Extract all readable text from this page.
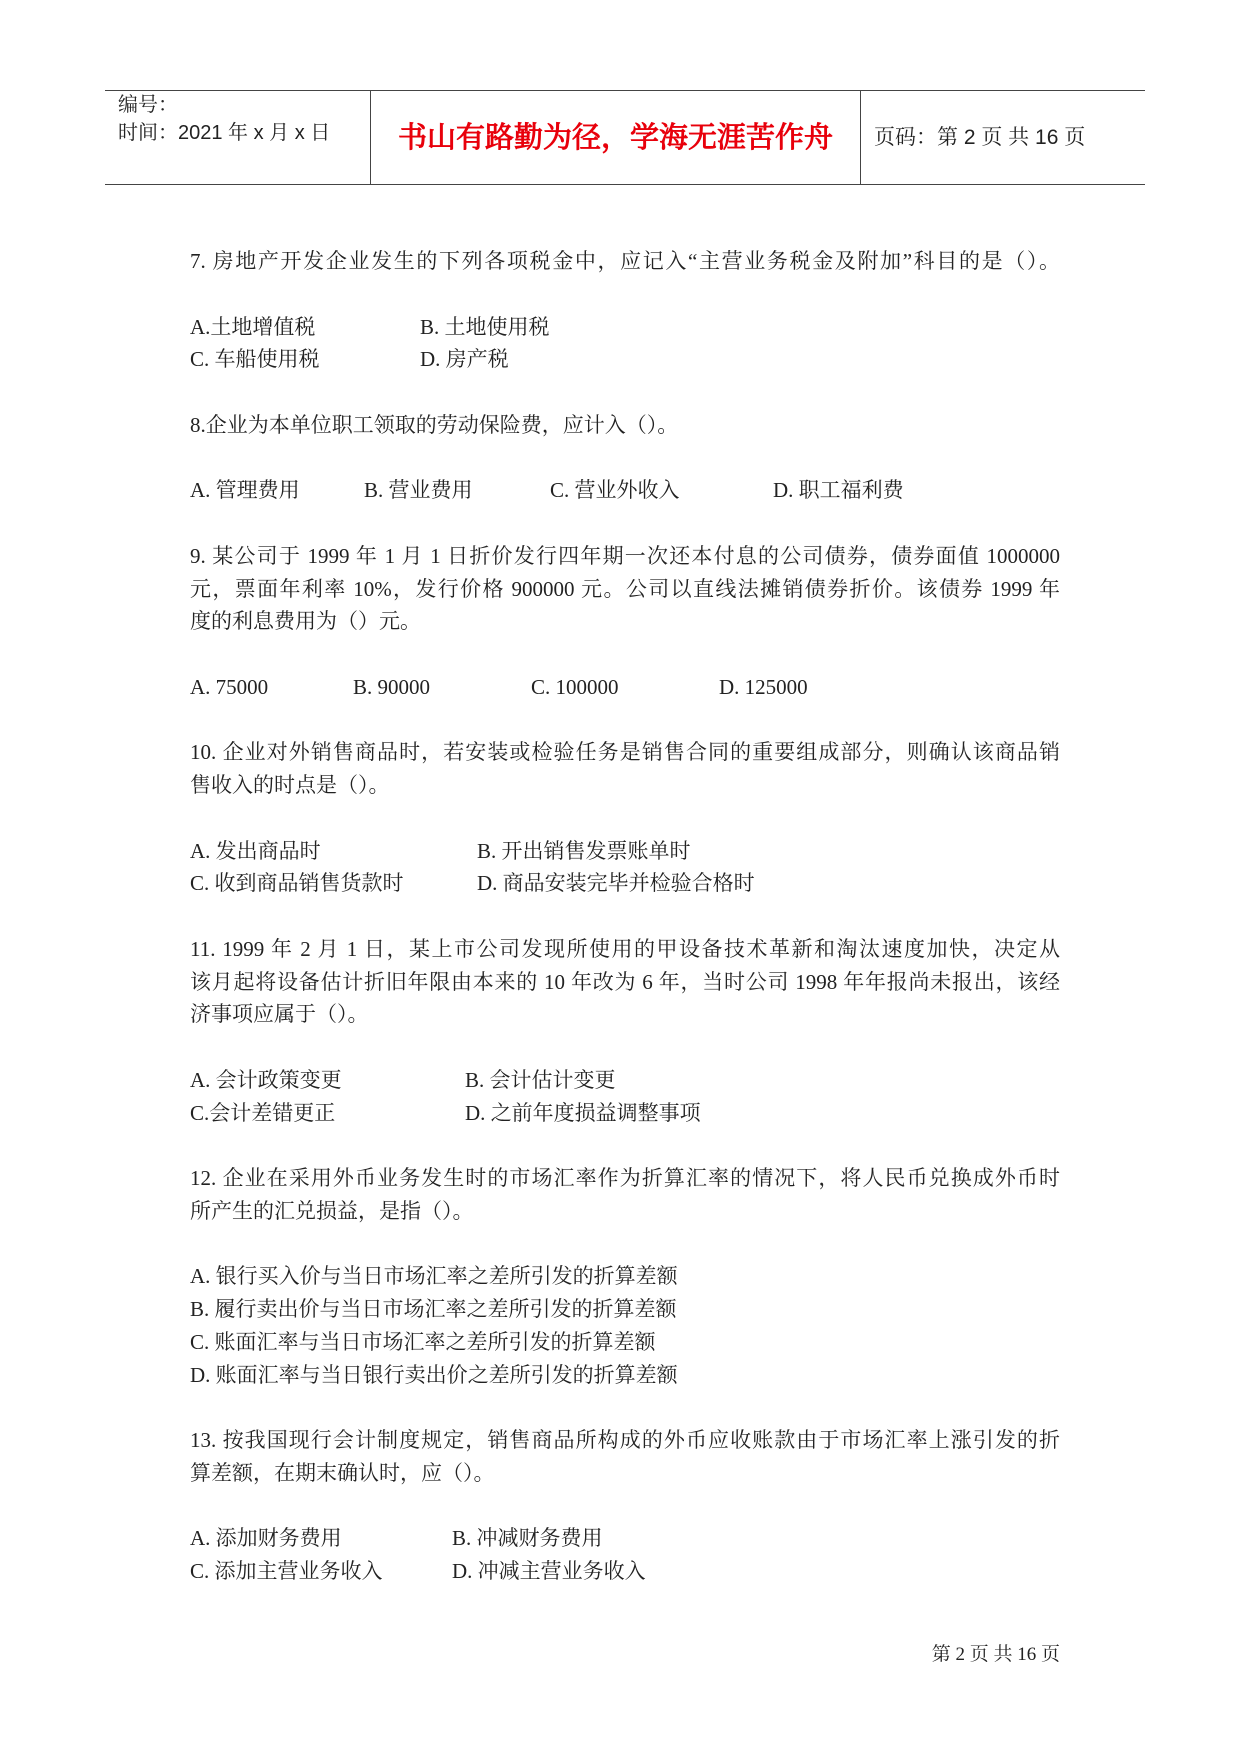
编号：
时间：2021 年 x 月 x 日 书山有路勤为径，学海无涯苦作舟 页码：第 2 页 共 16 页
7. 房地产开发企业发生的下列各项税金中，应记入“主营业务税金及附加”科目的是（）。
A.土地增值税	B. 土地使用税
C. 车船使用税	D. 房产税
8.企业为本单位职工领取的劳动保险费，应计入（）。
A. 管理费用	B. 营业费用	C. 营业外收入	D. 职工福利费
9. 某公司于 1999 年 1 月 1 日折价发行四年期一次还本付息的公司债券，债券面值 1000000
元，票面年利率 10%，发行价格 900000 元。公司以直线法摊销债券折价。该债券 1999 年
度的利息费用为（）元。
A. 75000	B. 90000	C. 100000	D. 125000
10. 企业对外销售商品时，若安装或检验任务是销售合同的重要组成部分，则确认该商品销
售收入的时点是（）。
A. 发出商品时	B. 开出销售发票账单时
C. 收到商品销售货款时	D. 商品安装完毕并检验合格时
11. 1999 年 2 月 1 日，某上市公司发现所使用的甲设备技术革新和淘汰速度加快，决定从
该月起将设备估计折旧年限由本来的 10 年改为 6 年，当时公司 1998 年年报尚未报出，该经
济事项应属于（）。
A. 会计政策变更	B. 会计估计变更
C.会计差错更正	D. 之前年度损益调整事项
12. 企业在采用外币业务发生时的市场汇率作为折算汇率的情况下，将人民币兑换成外币时
所产生的汇兑损益，是指（）。
A. 银行买入价与当日市场汇率之差所引发的折算差额
B. 履行卖出价与当日市场汇率之差所引发的折算差额
C. 账面汇率与当日市场汇率之差所引发的折算差额
D. 账面汇率与当日银行卖出价之差所引发的折算差额
13. 按我国现行会计制度规定，销售商品所构成的外币应收账款由于市场汇率上涨引发的折
算差额，在期末确认时，应（）。
A. 添加财务费用	B. 冲减财务费用
C. 添加主营业务收入	D. 冲减主营业务收入
第 2 页 共 16 页
